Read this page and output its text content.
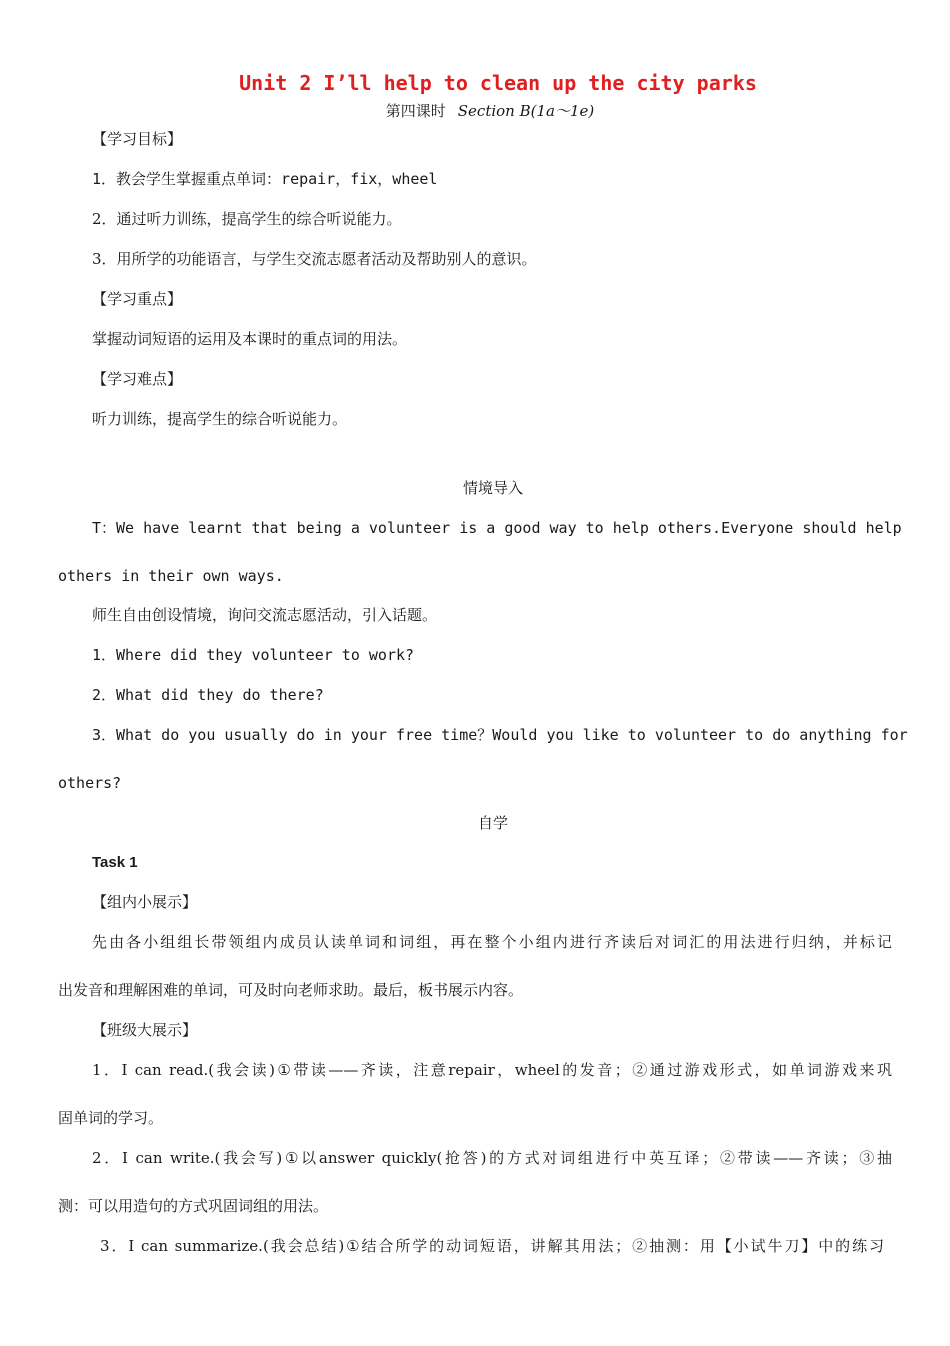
Unit 2 I’ll help to clean up the city parks
第四课时 Section B(1a～1e)
【学习目标】
1．教会学生掌握重点单词：repair，fix，wheel
2．通过听力训练，提高学生的综合听说能力。
3．用所学的功能语言，与学生交流志愿者活动及帮助别人的意识。
【学习重点】
掌握动词短语的运用及本课时的重点词的用法。
【学习难点】
听力训练，提高学生的综合听说能力。
情境导入
T：We have learnt that being a volunteer is a good way to help others.Everyone should help
others in their own ways.
师生自由创设情境，询问交流志愿活动，引入话题。
1．Where did they volunteer to work?
2．What did they do there?
3．What do you usually do in your free time？Would you like to volunteer to do anything for
others?
自学
Task 1
【组内小展示】
先由各小组组长带领组内成员认读单词和词组，再在整个小组内进行齐读后对词汇的用法进行归纳，并标记
出发音和理解困难的单词，可及时向老师求助。最后，板书展示内容。
【班级大展示】
1．I can read.(我会读)①带读——齐读，注意repair，wheel的发音；②通过游戏形式，如单词游戏来巩
固单词的学习。
2．I can write.(我会写)①以answer quickly(抢答)的方式对词组进行中英互译；②带读——齐读；③抽
测：可以用造句的方式巩固词组的用法。
3．I can summarize.(我会总结)①结合所学的动词短语，讲解其用法；②抽测：用【小试牛刀】中的练习
